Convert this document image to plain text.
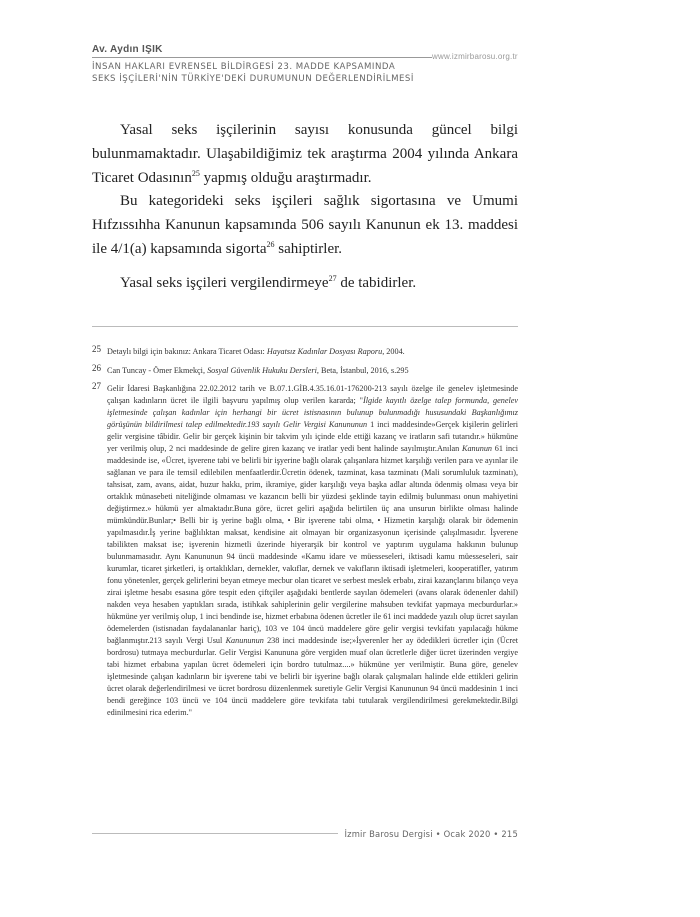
Av. Aydın IŞIK
www.izmirbarosu.org.tr
İNSAN HAKLARI EVRENSEL BİLDİRGESİ 23. MADDE KAPSAMINDA
SEKS İŞÇİLERİ'NİN TÜRKİYE'DEKİ DURUMUNUN DEĞERLENDİRİLMESİ

Yasal seks işçilerinin sayısı konusunda güncel bilgi bulunmamaktadır. Ulaşabildiğimiz tek araştırma 2004 yılında Ankara Ticaret Odasının$^{25}$ yapmış olduğu araştırmadır.

Bu kategorideki seks işçileri sağlık sigortasına ve Umumi Hıfzıssıhha Kanunun kapsamında 506 sayılı Kanunun ek 13. maddesi ile 4/1(a) kapsamında sigorta$^{26}$ sahiptirler.

Yasal seks işçileri vergilendirmeye$^{27}$ de tabidirler.

25 Detaylı bilgi için bakınız: Ankara Ticaret Odası: Hayatsız Kadınlar Dosyası Raporu, 2004.

26 Can Tuncay - Ömer Ekmekçi, Sosyal Güvenlik Hukuku Dersleri, Beta, İstanbul, 2016, s.295

27 Gelir İdaresi Başkanlığına 22.02.2012 tarih ve B.07.1.GİB.4.35.16.01-176200-213 sayılı özelge ile genelev işletmesinde çalışan kadınların ücret ile ilgili başvuru yapılmış olup verilen kararda; "İlgide kayıtlı özelge talep formunda, genelev işletmesinde çalışan kadınlar için herhangi bir ücret istisnasının bulunup bulunmadığı hususundaki Başkanlığımız görüşünün bildirilmesi talep edilmektedir.193 sayılı Gelir Vergisi Kanununun 1 inci maddesinde»Gerçek kişilerin gelirleri gelir vergisine tâbidir. Gelir bir gerçek kişinin bir takvim yılı içinde elde ettiği kazanç ve iratların safi tutarıdır.» hükmüne yer verilmiş olup, 2 nci maddesinde de gelire giren kazanç ve iratlar yedi bent halinde sayılmıştır.Anılan Kanunun 61 inci maddesinde ise, «Ücret, işverene tabi ve belirli bir işyerine bağlı olarak çalışanlara hizmet karşılığı verilen para ve ayınlar ile sağlanan ve para ile temsil edilebilen menfaatlerdir.Ücretin ödenek, tazminat, kasa tazminatı (Mali sorumluluk tazminatı), tahsisat, zam, avans, aidat, huzur hakkı, prim, ikramiye, gider karşılığı veya başka adlar altında ödenmiş olması veya bir ortaklık münasebeti niteliğinde olmaması ve kazancın belli bir yüzdesi şeklinde tayin edilmiş bulunması onun mahiyetini değiştirmez.» hükmü yer almaktadır.Buna göre, ücret geliri aşağıda belirtilen üç ana unsurun birlikte olması halinde mümkündür.Bunlar;• Belli bir iş yerine bağlı olma, • Bir işverene tabi olma, • Hizmetin karşılığı olarak bir ödemenin yapılmasıdır.İş yerine bağlılıktan maksat, kendisine ait olmayan bir organizasyonun içerisinde çalışılmasıdır. İşverene tabilikten maksat ise; işverenin hizmetli üzerinde hiyerarşik bir kontrol ve yaptırım uygulama hakkının bulunup bulunmamasıdır. Aynı Kanununun 94 üncü maddesinde «Kamu idare ve müesseseleri, iktisadi kamu müesseseleri, sair kurumlar, ticaret şirketleri, iş ortaklıkları, dernekler, vakıflar, dernek ve vakıfların iktisadi işletmeleri, kooperatifler, yatırım fonu yönetenler, gerçek gelirlerini beyan etmeye mecbur olan ticaret ve serbest meslek erbabı, zirai kazançlarını bilanço veya zirai işletme hesabı esasına göre tespit eden çiftçiler aşağıdaki bentlerde sayılan ödemeleri (avans olarak ödenenler dahil) nakden veya hesaben yaptıkları sırada, istihkak sahiplerinin gelir vergilerine mahsuben tevkifat yapmaya mecburdurlar.» hükmüne yer verilmiş olup, 1 inci bendinde ise, hizmet erbabına ödenen ücretler ile 61 inci maddede yazılı olup ücret sayılan ödemelerden (istisnadan faydalananlar hariç), 103 ve 104 üncü maddelere göre gelir vergisi tevkifatı yapılacağı hükme bağlanmıştır.213 sayılı Vergi Usul Kanununun 238 inci maddesinde ise;»İşverenler her ay ödedikleri ücretler için (Ücret bordrosu) tutmaya mecburdurlar. Gelir Vergisi Kanununa göre vergiden muaf olan ücretlerle diğer ücret üzerinden vergiye tabi hizmet erbabına yapılan ücret ödemeleri için bordro tutulmaz....» hükmüne yer verilmiştir. Buna göre, genelev işletmesinde çalışan kadınların bir işverene tabi ve belirli bir işyerine bağlı olarak çalışmaları halinde elde ettikleri gelirin ücret olarak değerlendirilmesi ve ücret bordrosu düzenlenmek suretiyle Gelir Vergisi Kanununun 94 üncü maddesinin 1 inci bendi gereğince 103 üncü ve 104 üncü maddelere göre tevkifata tabi tutularak vergilendirilmesi gerekmektedir.Bilgi edinilmesini rica ederim."

İzmir Barosu Dergisi • Ocak 2020 • 215
